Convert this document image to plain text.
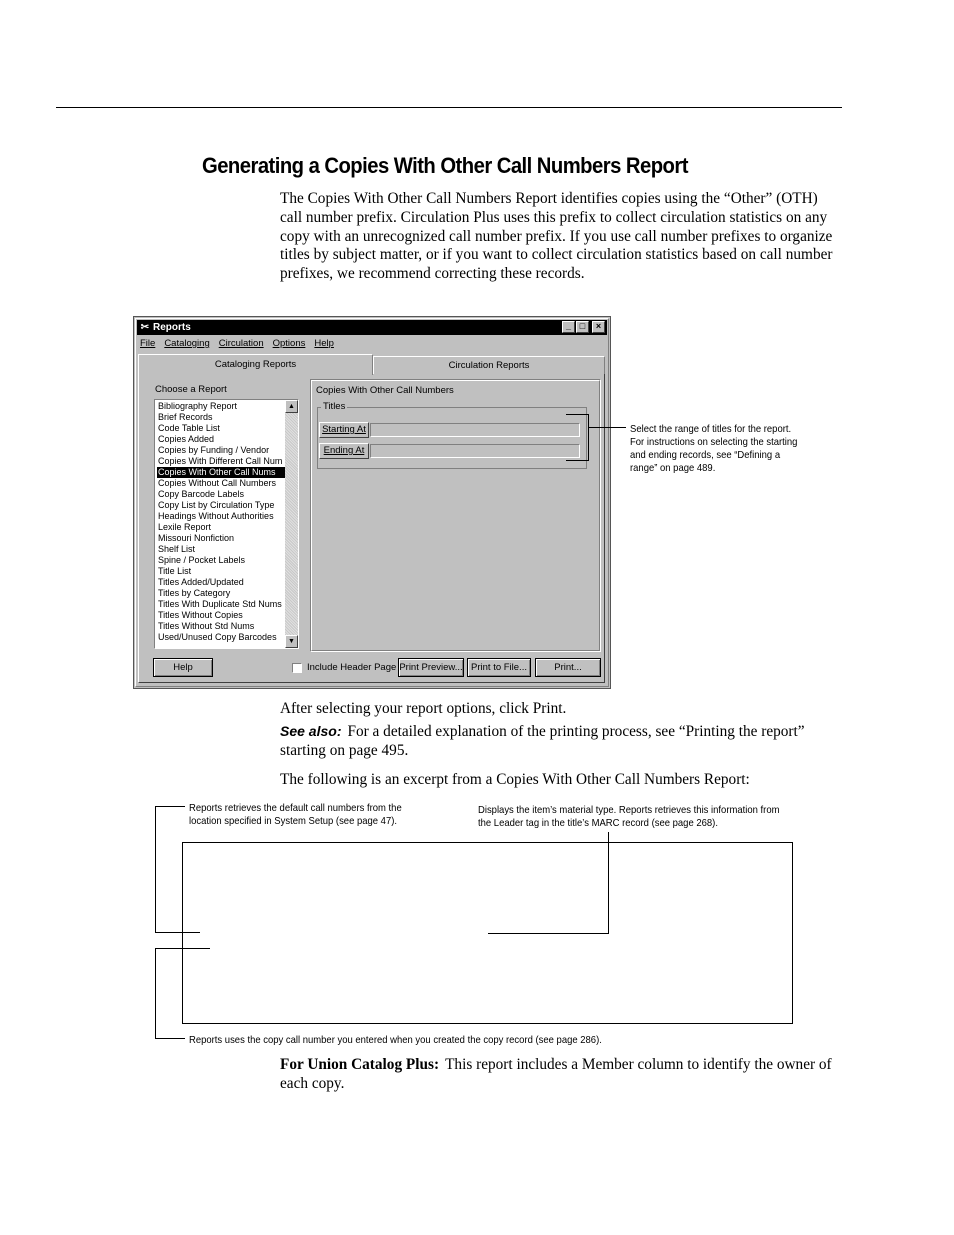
Generating a Copies With Other Call Numbers Report

The Copies With Other Call Numbers Report identifies copies using the “Other” (OTH) call number prefix. Circulation Plus uses this prefix to collect circulation statistics on any copy with an unrecognized call number prefix. If you use call number prefixes to organize titles by subject matter, or if you want to collect circulation statistics based on call number prefixes, we recommend correcting these records.

✂ Reports	_ □	×
File Cataloging Circulation Options Help
Cataloging Reports	Circulation Reports
Choose a Report
Bibliography Report
Brief Records
Code Table List
Copies Added
Copies by Funding / Vendor
Copies With Different Call Num
Copies With Other Call Nums
Copies Without Call Numbers
Copy Barcode Labels
Copy List by Circulation Type
Headings Without Authorities
Lexile Report
Missouri Nonfiction
Shelf List
Spine / Pocket Labels
Title List
Titles Added/Updated
Titles by Category
Titles With Duplicate Std Nums
Titles Without Copies
Titles Without Std Nums
Used/Unused Copy Barcodes
▲
▼
Copies With Other Call Numbers
Titles
Starting At
Ending At
Help	Include Header Page Print Preview... Print to File...	Print...
Select the range of titles for the report. For instructions on selecting the starting and ending records, see “Defining a range” on page 489.

After selecting your report options, click Print.

See also: For a detailed explanation of the printing process, see “Printing the report” starting on page 495.

The following is an excerpt from a Copies With Other Call Numbers Report:

Reports retrieves the default call numbers from the location specified in System Setup (see page 47).
Displays the item’s material type. Reports retrieves this information from the Leader tag in the title’s MARC record (see page 268).
Reports uses the copy call number you entered when you created the copy record (see page 286).

For Union Catalog Plus: This report includes a Member column to identify the owner of each copy.
